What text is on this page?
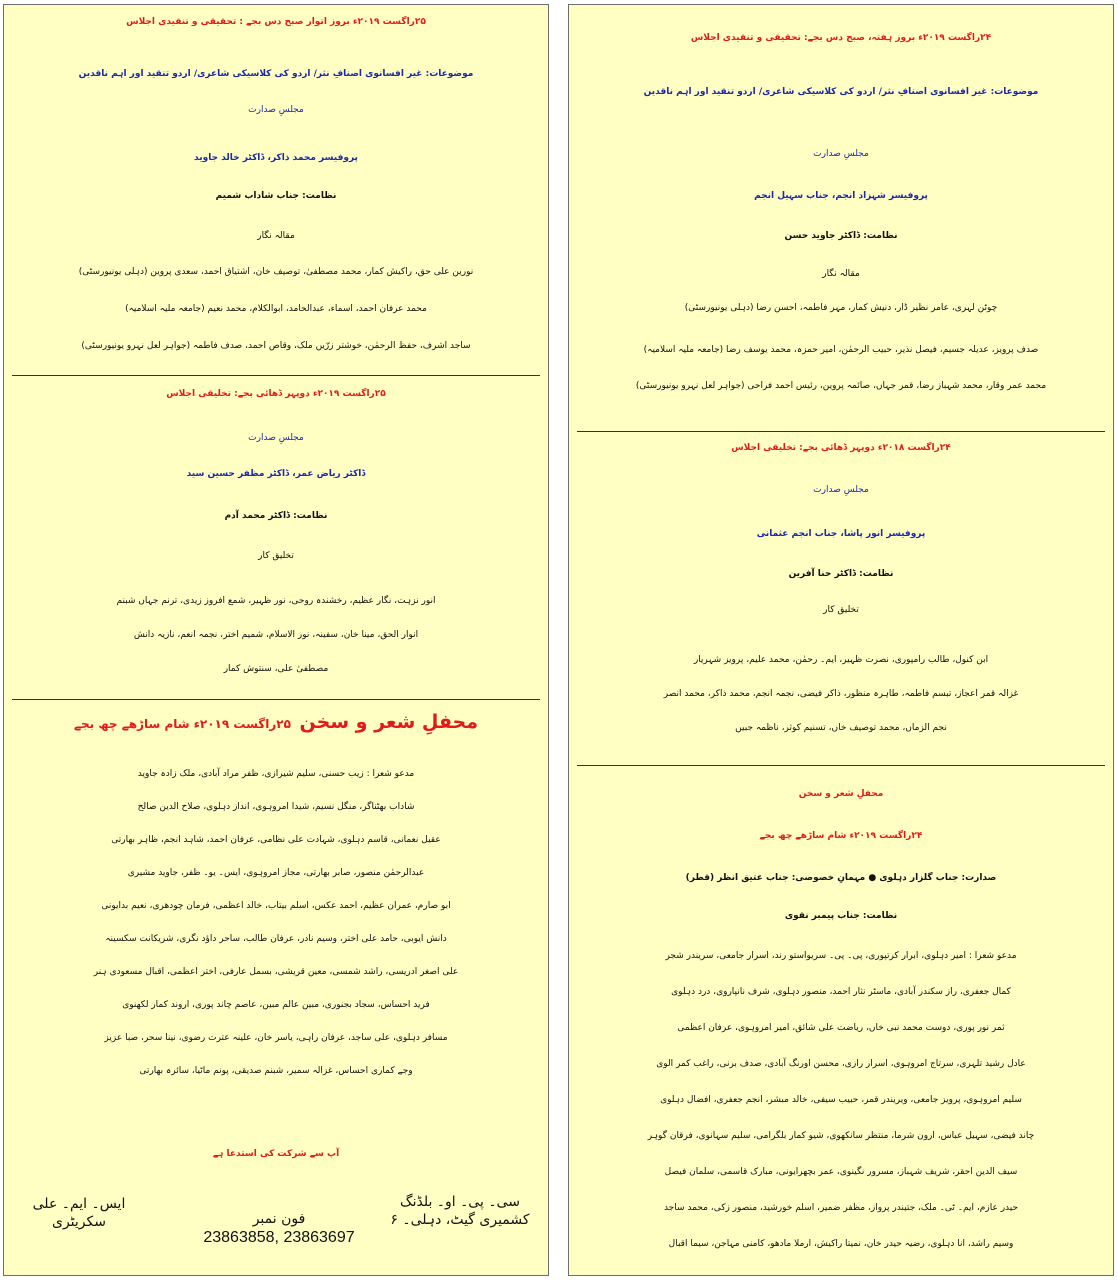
۲۵راگست ۲۰۱۹ء بروز اتوار صبح دس بجے : تحقیقی و تنقیدی اجلاس
موضوعات: غیر افسانوی اصنافِ نثر/ اردو کی کلاسیکی شاعری/ اردو تنقید اور اہم ناقدین
مجلسِ صدارت
پروفیسر محمد ذاکر، ڈاکٹر خالد جاوید
نظامت: جناب شاداب شمیم
مقالہ نگار
نورین علی حق، راکیش کمار، محمد مصطفیٰ، توصیف خان، اشتیاق احمد، سعدی پروین (دہلی یونیورسٹی)
محمد عرفان احمد، اسماء، عبدالحامد، ابوالکلام، محمد نعیم (جامعہ ملیہ اسلامیہ)
ساجد اشرف، حفظ الرحمٰن، خوشتر زرّیں ملک، وقاص احمد، صدف فاطمہ (جواہر لعل نہرو یونیورسٹی)
۲۵راگست ۲۰۱۹ء دوپہر ڈھائی بجے: تخلیقی اجلاس
مجلسِ صدارت
ڈاکٹر ریاض عمر، ڈاکٹر مظفر حسین سید
نظامت: ڈاکٹر محمد آدم
تخلیق کار
انور نزہت، نگار عظیم، رخشندہ روحی، نور ظہیر، شمع افروز زیدی، ترنم جہاں شبنم
انوار الحق، مینا خان، سفینہ، نور الاسلام، شمیم اختر، نجمہ انعم، نازیہ دانش
مصطفیٰ علی، سنتوش کمار
محفلِ شعر و سخن   ۲۵راگست ۲۰۱۹ء شام ساڑھے چھ بجے
مدعو شعرا : زیب حسنی، سلیم شیرازی، ظفر مراد آبادی، ملک زادہ جاوید
شاداب بھٹناگر، منگل نسیم، شیدا امروہوی، انداز دہلوی، صلاح الدین صالح
عقیل نعمانی، قاسم دہلوی، شہادت علی نظامی، عرفان احمد، شاہد انجم، ظاہر بھارتی
عبدالرحمٰن منصور، صابر بھارتی، مجاز امروہوی، ایس۔ یو۔ ظفر، جاوید مشیری
ابو صارم، عمران عظیم، احمد عکس، اسلم بیتاب، خالد اعظمی، فرمان چودھری، نعیم بدایونی
دانش ایوبی، حامد علی اختر، وسیم نادر، عرفان طالب، ساحر داؤد نگری، شریکانت سکسینہ
علی اصغر ادریسی، راشد شمسی، معین قریشی، بسمل عارفی، اختر اعظمی، اقبال مسعودی ہنر
فرید احساس، سجاد بجنوری، مبین عالم مبین، عاصم چاند پوری، اروند کمار لکھنوی
مسافر دہلوی، علی ساجد، عرفان راہی، یاسر خان، علینہ عترت رضوی، نینا سحر، صبا عزیز
وجے کماری احساس، غزالہ سمیر، شبنم صدیقی، پونم ماٹیا، سائرہ بھارتی
آپ سے شرکت کی استدعا ہے
سی۔ پی۔ او۔ بلڈنگ
کشمیری گیٹ، دہلی۔ ۶
فون نمبر
23863858, 23863697
ایس۔ ایم۔ علی
سکریٹری
۲۴راگست ۲۰۱۹ء بروز ہفتہ، صبح دس بجے: تحقیقی و تنقیدی اجلاس
موضوعات: غیر افسانوی اصنافِ نثر/ اردو کی کلاسیکی شاعری/ اردو تنقید اور اہم ناقدین
مجلسِ صدارت
پروفیسر شہزاد انجم، جناب سہیل انجم
نظامت: ڈاکٹر جاوید حسن
مقالہ نگار
چوٹن لہری، عامر نظیر ڈار، دنیش کمار، مہر فاطمہ، احسن رضا (دہلی یونیورسٹی)
صدف پرویز، عدیلہ جسیم، فیصل نذیر، حبیب الرحمٰن، امیر حمزہ، محمد یوسف رضا (جامعہ ملیہ اسلامیہ)
محمد عمر وقار، محمد شہباز رضا، قمر جہاں، صائمہ پروین، رئیس احمد فراحی (جواہر لعل نہرو یونیورسٹی)
۲۴راگست ۲۰۱۸ء دوپہر ڈھائی بجے: تخلیقی اجلاس
مجلسِ صدارت
پروفیسر انور پاشا، جناب انجم عثمانی
نظامت: ڈاکٹر حنا آفرین
تخلیق کار
ابن کنول، طالب رامپوری، نصرت ظہیر، ایم۔ رحمٰن، محمد علیم، پرویز شہریار
غزالہ قمر اعجاز، تبسم فاطمہ، طاہرہ منظور، ذاکر فیضی، نجمہ انجم، محمد ذاکر، محمد انصر
نجم الزماں، محمد توصیف خاں، تسنیم کوثر، ناظمہ جبیں
محفلِ شعر و سخن
۲۴راگست ۲۰۱۹ء شام ساڑھے چھ بجے
صدارت: جناب گلزار دہلوی ● مہمانِ خصوصی: جناب عتیق انظر (قطر)
نظامت: جناب پیمبر نقوی
مدعو شعرا : امیر دہلوی، ابرار کرتپوری، پی۔ پی۔ سریواستو رند، اسرار جامعی، سریندر شجر
کمال جعفری، راز سکندر آبادی، ماسٹر نثار احمد، منصور دہلوی، شرف نانپاروی، درد دہلوی
ثمر نور پوری، دوست محمد نبی خاں، ریاضت علی شائق، امیر امروہوی، عرفان اعظمی
عادل رشید تلہری، سرتاج امروہوی، اسرار رازی، محسن اورنگ آبادی، صدف برنی، راغب کمر الوی
سلیم امروہوی، پرویز جامعی، ویریندر قمر، حبیب سیفی، خالد مبشر، انجم جعفری، افضال دہلوی
چاند فیضی، سہیل عباس، ارون شرما، منتظر سانکھوی، شیو کمار بلگرامی، سلیم سہانوی، فرقان گوہر
سیف الدین احقر، شریف شہباز، مسرور نگینوی، عمر بچھرایونی، مبارک قاسمی، سلمان فیصل
حیدر عازم، ایم۔ ٹی۔ ملک، جتیندر پرواز، مظفر ضمیر، اسلم خورشید، منصور زکی، محمد ساجد
وسیم راشد، انا دہلوی، رضیہ حیدر خان، نمیتا راکیش، ارملا مادھو، کامنی مہاجن، سیما اقبال
